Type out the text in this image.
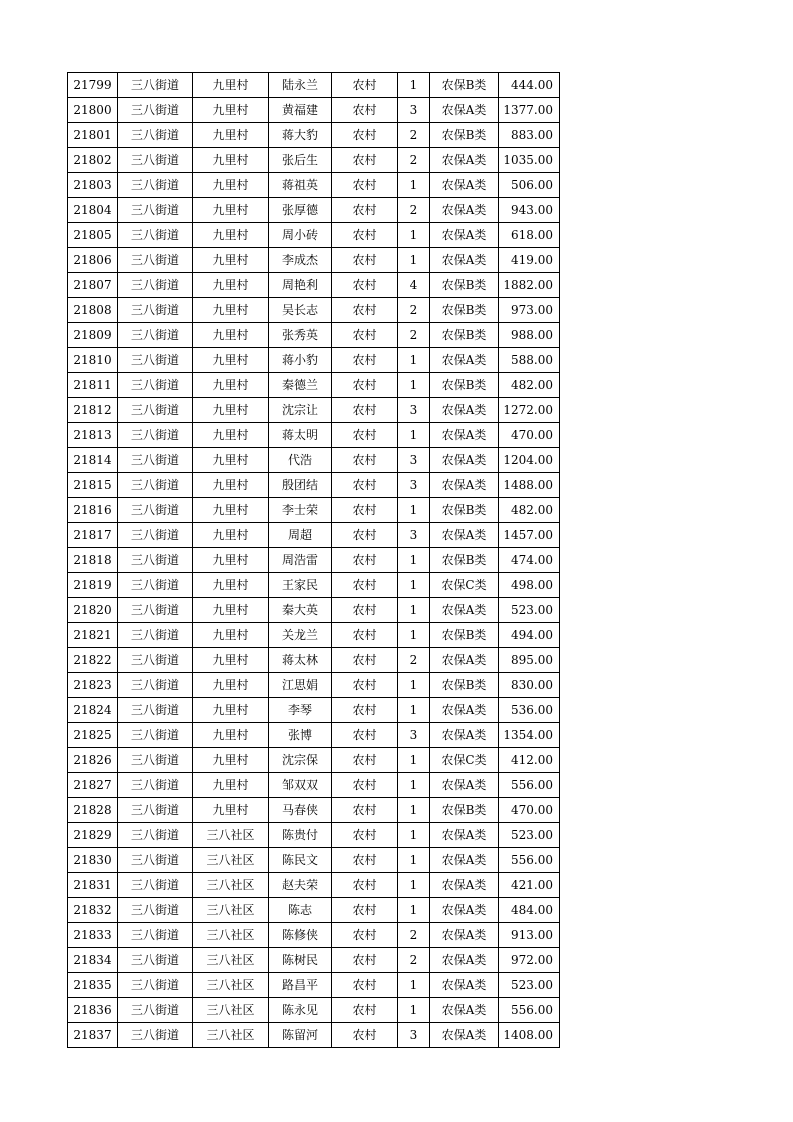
21799	三八街道	九里村	陆永兰	农村	1	农保B类	444.00
21800	三八街道	九里村	黄福建	农村	3	农保A类	1377.00
21801	三八街道	九里村	蒋大豹	农村	2	农保B类	883.00
21802	三八街道	九里村	张后生	农村	2	农保A类	1035.00
21803	三八街道	九里村	蒋祖英	农村	1	农保A类	506.00
21804	三八街道	九里村	张厚德	农村	2	农保A类	943.00
21805	三八街道	九里村	周小砖	农村	1	农保A类	618.00
21806	三八街道	九里村	李成杰	农村	1	农保A类	419.00
21807	三八街道	九里村	周艳利	农村	4	农保B类	1882.00
21808	三八街道	九里村	吴长志	农村	2	农保B类	973.00
21809	三八街道	九里村	张秀英	农村	2	农保B类	988.00
21810	三八街道	九里村	蒋小豹	农村	1	农保A类	588.00
21811	三八街道	九里村	秦德兰	农村	1	农保B类	482.00
21812	三八街道	九里村	沈宗让	农村	3	农保A类	1272.00
21813	三八街道	九里村	蒋太明	农村	1	农保A类	470.00
21814	三八街道	九里村	代浩	农村	3	农保A类	1204.00
21815	三八街道	九里村	殷团结	农村	3	农保A类	1488.00
21816	三八街道	九里村	李士荣	农村	1	农保B类	482.00
21817	三八街道	九里村	周超	农村	3	农保A类	1457.00
21818	三八街道	九里村	周浩雷	农村	1	农保B类	474.00
21819	三八街道	九里村	王家民	农村	1	农保C类	498.00
21820	三八街道	九里村	秦大英	农村	1	农保A类	523.00
21821	三八街道	九里村	关龙兰	农村	1	农保B类	494.00
21822	三八街道	九里村	蒋太林	农村	2	农保A类	895.00
21823	三八街道	九里村	江思娟	农村	1	农保B类	830.00
21824	三八街道	九里村	李琴	农村	1	农保A类	536.00
21825	三八街道	九里村	张博	农村	3	农保A类	1354.00
21826	三八街道	九里村	沈宗保	农村	1	农保C类	412.00
21827	三八街道	九里村	邹双双	农村	1	农保A类	556.00
21828	三八街道	九里村	马春侠	农村	1	农保B类	470.00
21829	三八街道	三八社区	陈贵付	农村	1	农保A类	523.00
21830	三八街道	三八社区	陈民文	农村	1	农保A类	556.00
21831	三八街道	三八社区	赵夫荣	农村	1	农保A类	421.00
21832	三八街道	三八社区	陈志	农村	1	农保A类	484.00
21833	三八街道	三八社区	陈修侠	农村	2	农保A类	913.00
21834	三八街道	三八社区	陈树民	农村	2	农保A类	972.00
21835	三八街道	三八社区	路昌平	农村	1	农保A类	523.00
21836	三八街道	三八社区	陈永见	农村	1	农保A类	556.00
21837	三八街道	三八社区	陈留河	农村	3	农保A类	1408.00
